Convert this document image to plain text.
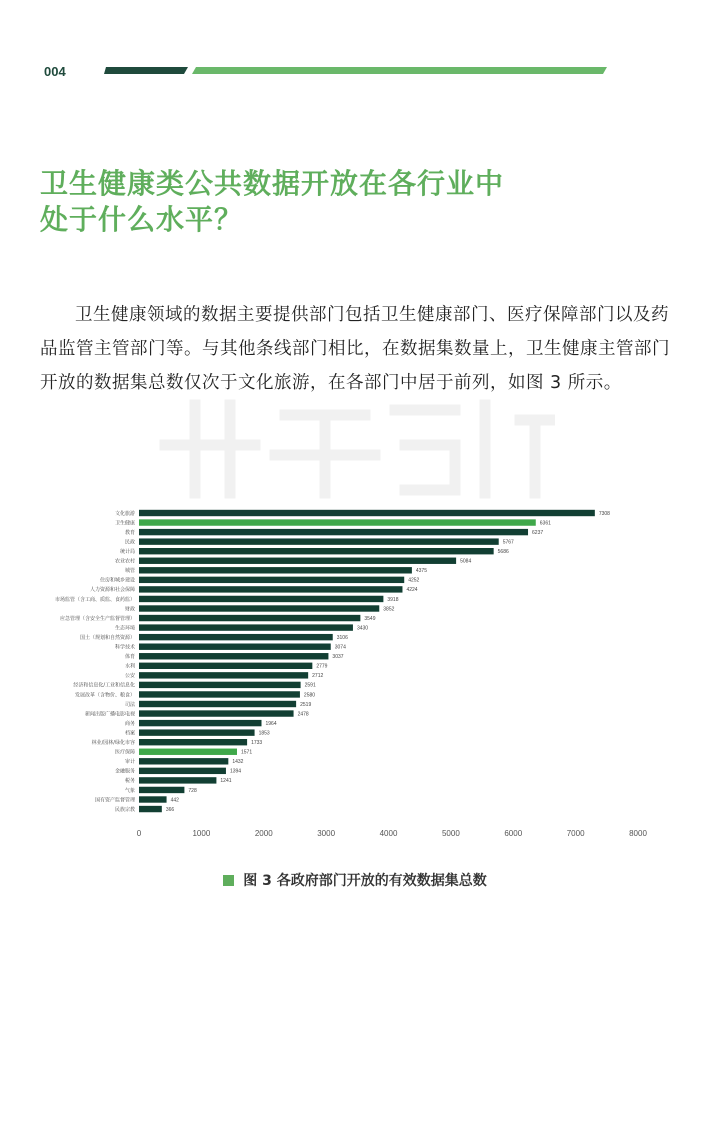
004
卫生健康类公共数据开放在各行业中
处于什么水平？
卫生健康领域的数据主要提供部门包括卫生健康部门、医疗保障部门以及药品监管主管部门等。与其他条线部门相比，在数据集数量上，卫生健康主管部门开放的数据集总数仅次于文化旅游，在各部门中居于前列，如图 3 所示。
文化旅游	7308
卫生健康	6361
教育	6237
民政	5767
统计局	5686
农业农村	5084
城管	4375
住房和城乡建设	4252
人力资源和社会保障	4224
市场监管（含工商、质监、食药监）	3918
财政	3852
应急管理（含安全生产监督管理）	3549
生态环境	3430
国土（规划和自然资源）	3106
科学技术	3074
体育	3037
水利	2779
公安	2712
经济和信息化/工业和信息化	2591
发展改革（含物价、粮食）	2580
司法	2519
新闻出版广播电影电视	2478
商务	1964
档案	1853
林业/园林/绿化市容	1733
医疗保障	1571
审计	1432
金融服务	1394
税务	1241
气象	728
国有资产监督管理	442
民族宗教	366
0	1000	2000	3000	4000	5000	6000	7000	8000
图 3 各政府部门开放的有效数据集总数
